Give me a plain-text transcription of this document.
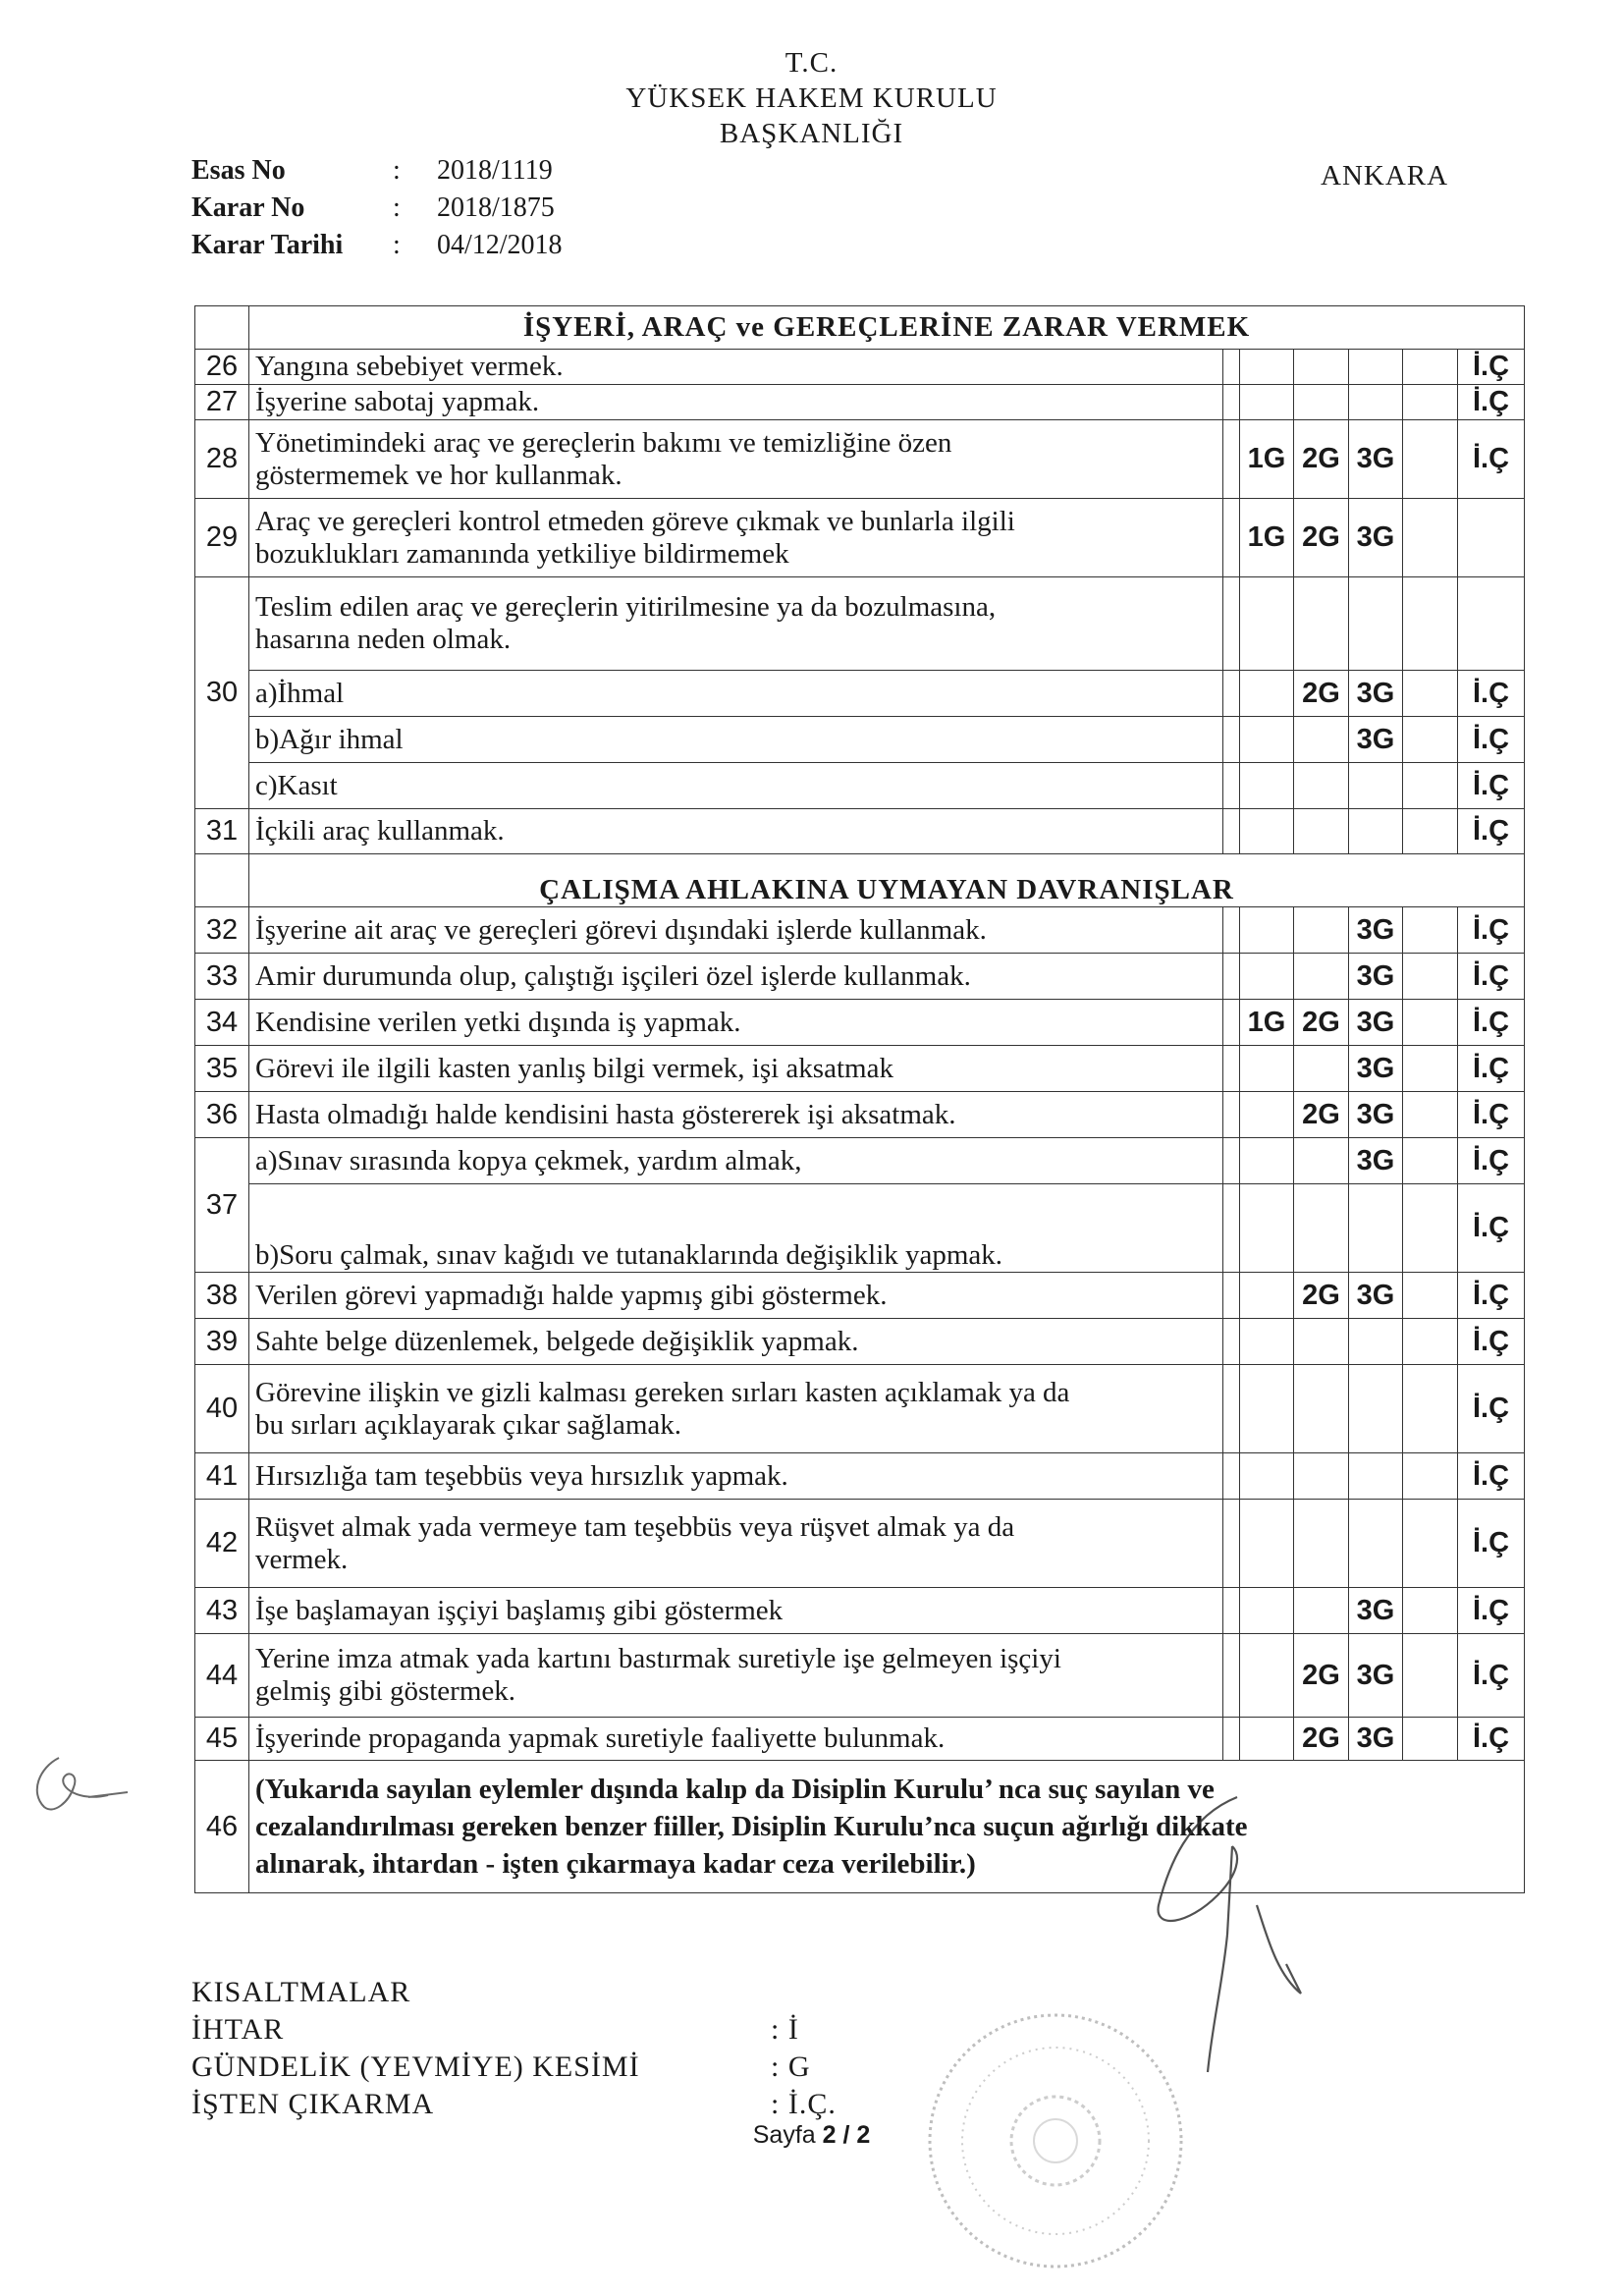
T.C.
YÜKSEK HAKEM KURULU
BAŞKANLIĞI
ANKARA
Esas No	:	2018/1119
Karar No	:	2018/1875
Karar Tarihi	:	04/12/2018
	İŞYERİ, ARAÇ ve GEREÇLERİNE ZARAR VERMEK						
26	Yangına sebebiyet vermek.						İ.Ç
27	İşyerine sabotaj yapmak.						İ.Ç
28	Yönetimindeki araç ve gereçlerin bakımı ve temizliğine özen
göstermemek ve hor kullanmak.		1G	2G	3G		İ.Ç
29	Araç ve gereçleri kontrol etmeden göreve çıkmak ve bunlarla ilgili
bozuklukları zamanında yetkiliye bildirmemek		1G	2G	3G		
30	Teslim edilen araç ve gereçlerin yitirilmesine ya da bozulmasına,
hasarına neden olmak.						

	a)İhmal			2G	3G		İ.Ç
	b)Ağır ihmal				3G		İ.Ç
	c)Kasıt						İ.Ç
31	İçkili araç kullanmak.						İ.Ç
	ÇALIŞMA AHLAKINA UYMAYAN DAVRANIŞLAR						
32	İşyerine ait araç ve gereçleri görevi dışındaki işlerde kullanmak.				3G		İ.Ç
33	Amir durumunda olup, çalıştığı işçileri özel işlerde kullanmak.				3G		İ.Ç
34	Kendisine verilen yetki dışında iş yapmak.		1G	2G	3G		İ.Ç
35	Görevi ile ilgili kasten yanlış bilgi vermek, işi aksatmak				3G		İ.Ç
36	Hasta olmadığı halde kendisini hasta göstererek işi aksatmak.			2G	3G		İ.Ç
37	a)Sınav sırasında kopya çekmek, yardım almak,				3G		İ.Ç
	b)Soru çalmak, sınav kağıdı ve tutanaklarında değişiklik yapmak.						İ.Ç
38	Verilen görevi yapmadığı halde yapmış gibi göstermek.			2G	3G		İ.Ç
39	Sahte belge düzenlemek, belgede değişiklik yapmak.						İ.Ç
40	Görevine ilişkin ve gizli kalması gereken sırları kasten açıklamak ya da
bu sırları açıklayarak çıkar sağlamak.						İ.Ç
41	Hırsızlığa tam teşebbüs veya hırsızlık yapmak.						İ.Ç
42	Rüşvet almak yada vermeye tam teşebbüs veya rüşvet almak ya da
vermek.						İ.Ç
43	İşe başlamayan işçiyi başlamış gibi göstermek				3G		İ.Ç
44	Yerine imza atmak yada kartını bastırmak suretiyle işe gelmeyen işçiyi
gelmiş gibi göstermek.			2G	3G		İ.Ç
45	İşyerinde propaganda yapmak suretiyle faaliyette bulunmak.			2G	3G		İ.Ç
46	(Yukarıda sayılan eylemler dışında kalıp da Disiplin Kurulu’ nca suç sayılan ve
cezalandırılması gereken benzer fiiller, Disiplin Kurulu’nca suçun ağırlığı dikkate
alınarak, ihtardan - işten çıkarmaya kadar ceza verilebilir.)						
KISALTMALAR
İHTAR	: İ
GÜNDELİK (YEVMİYE) KESİMİ	: G
İŞTEN ÇIKARMA	: İ.Ç.
Sayfa 2 / 2
